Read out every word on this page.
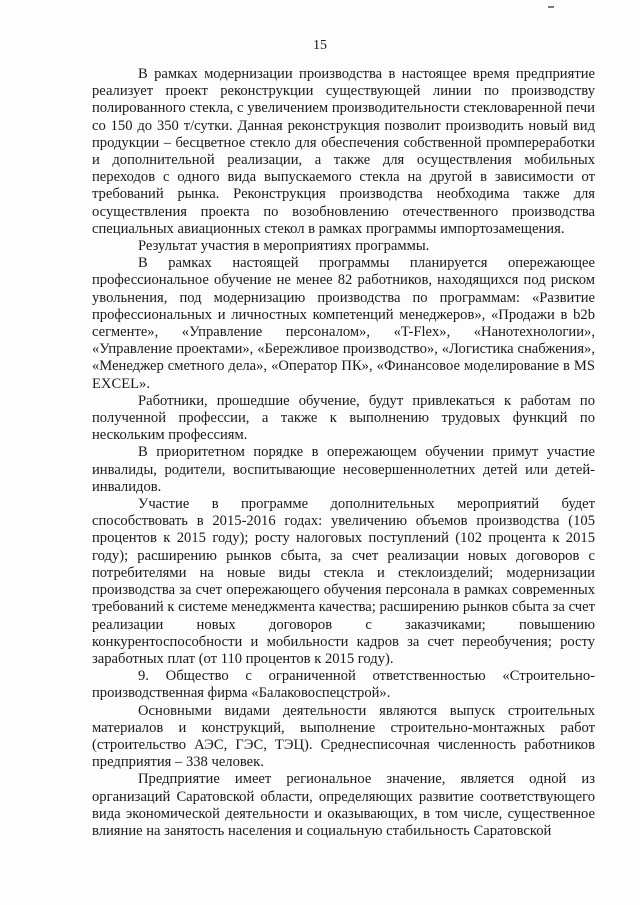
15

В рамках модернизации производства в настоящее время предприятие реализует проект реконструкции существующей линии по производству полированного стекла, с увеличением производительности стекловаренной печи со 150 до 350 т/сутки. Данная реконструкция позволит производить новый вид продукции – бесцветное стекло для обеспечения собственной промпереработки и дополнительной реализации, а также для осуществления мобильных переходов с одного вида выпускаемого стекла на другой в зависимости от требований рынка. Реконструкция производства необходима также для осуществления проекта по возобновлению отечественного производства специальных авиационных стекол в рамках программы импортозамещения.

Результат участия в мероприятиях программы.

В рамках настоящей программы планируется опережающее профессиональное обучение не менее 82 работников, находящихся под риском увольнения, под модернизацию производства по программам: «Развитие профессиональных и личностных компетенций менеджеров», «Продажи в b2b сегменте», «Управление персоналом», «T-Flex», «Нанотехнологии», «Управление проектами», «Бережливое производство», «Логистика снабжения», «Менеджер сметного дела», «Оператор ПК», «Финансовое моделирование в MS EXCEL».

Работники, прошедшие обучение, будут привлекаться к работам по полученной профессии, а также к выполнению трудовых функций по нескольким профессиям.

В приоритетном порядке в опережающем обучении примут участие инвалиды, родители, воспитывающие несовершеннолетних детей или детей-инвалидов.

Участие в программе дополнительных мероприятий будет способствовать в 2015-2016 годах: увеличению объемов производства (105 процентов к 2015 году); росту налоговых поступлений (102 процента к 2015 году); расширению рынков сбыта, за счет реализации новых договоров с потребителями на новые виды стекла и стеклоизделий; модернизации производства за счет опережающего обучения персонала в рамках современных требований к системе менеджмента качества; расширению рынков сбыта за счет реализации новых договоров с заказчиками; повышению конкурентоспособности и мобильности кадров за счет переобучения; росту заработных плат (от 110 процентов к 2015 году).

9. Общество с ограниченной ответственностью «Строительно-производственная фирма «Балаковоспецстрой».

Основными видами деятельности являются выпуск строительных материалов и конструкций, выполнение строительно-монтажных работ (строительство АЭС, ГЭС, ТЭЦ). Среднесписочная численность работников предприятия – 338 человек.

Предприятие имеет региональное значение, является одной из организаций Саратовской области, определяющих развитие соответствующего вида экономической деятельности и оказывающих, в том числе, существенное влияние на занятость населения и социальную стабильность Саратовской
